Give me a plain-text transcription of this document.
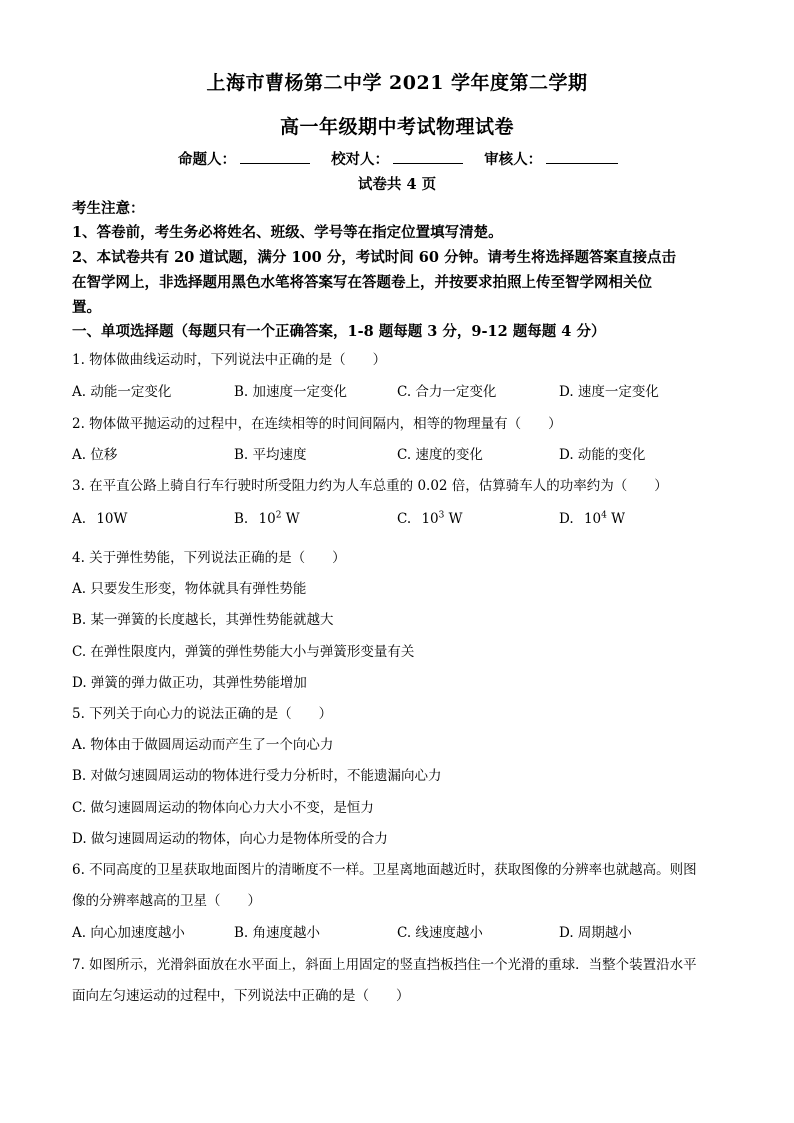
上海市曹杨第二中学 2021 学年度第二学期
高一年级期中考试物理试卷
命题人：	校对人：	审核人：
试卷共 4 页
考生注意：
1、答卷前，考生务必将姓名、班级、学号等在指定位置填写清楚。
2、本试卷共有 20 道试题，满分 100 分，考试时间 60 分钟。请考生将选择题答案直接点击
在智学网上，非选择题用黑色水笔将答案写在答题卷上，并按要求拍照上传至智学网相关位
置。
一、单项选择题（每题只有一个正确答案，1-8 题每题 3 分，9-12 题每题 4 分）
1. 物体做曲线运动时，下列说法中正确的是（　　）
A. 动能一定变化	B. 加速度一定变化	C. 合力一定变化	D. 速度一定变化
2. 物体做平抛运动的过程中，在连续相等的时间间隔内，相等的物理量有（　　）
A. 位移	B. 平均速度	C. 速度的变化	D. 动能的变化
3. 在平直公路上骑自行车行驶时所受阻力约为人车总重的 0.02 倍，估算骑车人的功率约为（　　）
A. 10W	B. $10^2$ W	C. $10^3$ W	D. $10^4$ W
4. 关于弹性势能，下列说法正确的是（　　）
A. 只要发生形变，物体就具有弹性势能
B. 某一弹簧的长度越长，其弹性势能就越大
C. 在弹性限度内，弹簧的弹性势能大小与弹簧形变量有关
D. 弹簧的弹力做正功，其弹性势能增加
5. 下列关于向心力的说法正确的是（　　）
A. 物体由于做圆周运动而产生了一个向心力
B. 对做匀速圆周运动的物体进行受力分析时，不能遗漏向心力
C. 做匀速圆周运动的物体向心力大小不变，是恒力
D. 做匀速圆周运动的物体，向心力是物体所受的合力
6. 不同高度的卫星获取地面图片的清晰度不一样。卫星离地面越近时，获取图像的分辨率也就越高。则图
像的分辨率越高的卫星（　　）
A. 向心加速度越小	B. 角速度越小	C. 线速度越小	D. 周期越小
7. 如图所示，光滑斜面放在水平面上，斜面上用固定的竖直挡板挡住一个光滑的重球．当整个装置沿水平
面向左匀速运动的过程中，下列说法中正确的是（　　）
